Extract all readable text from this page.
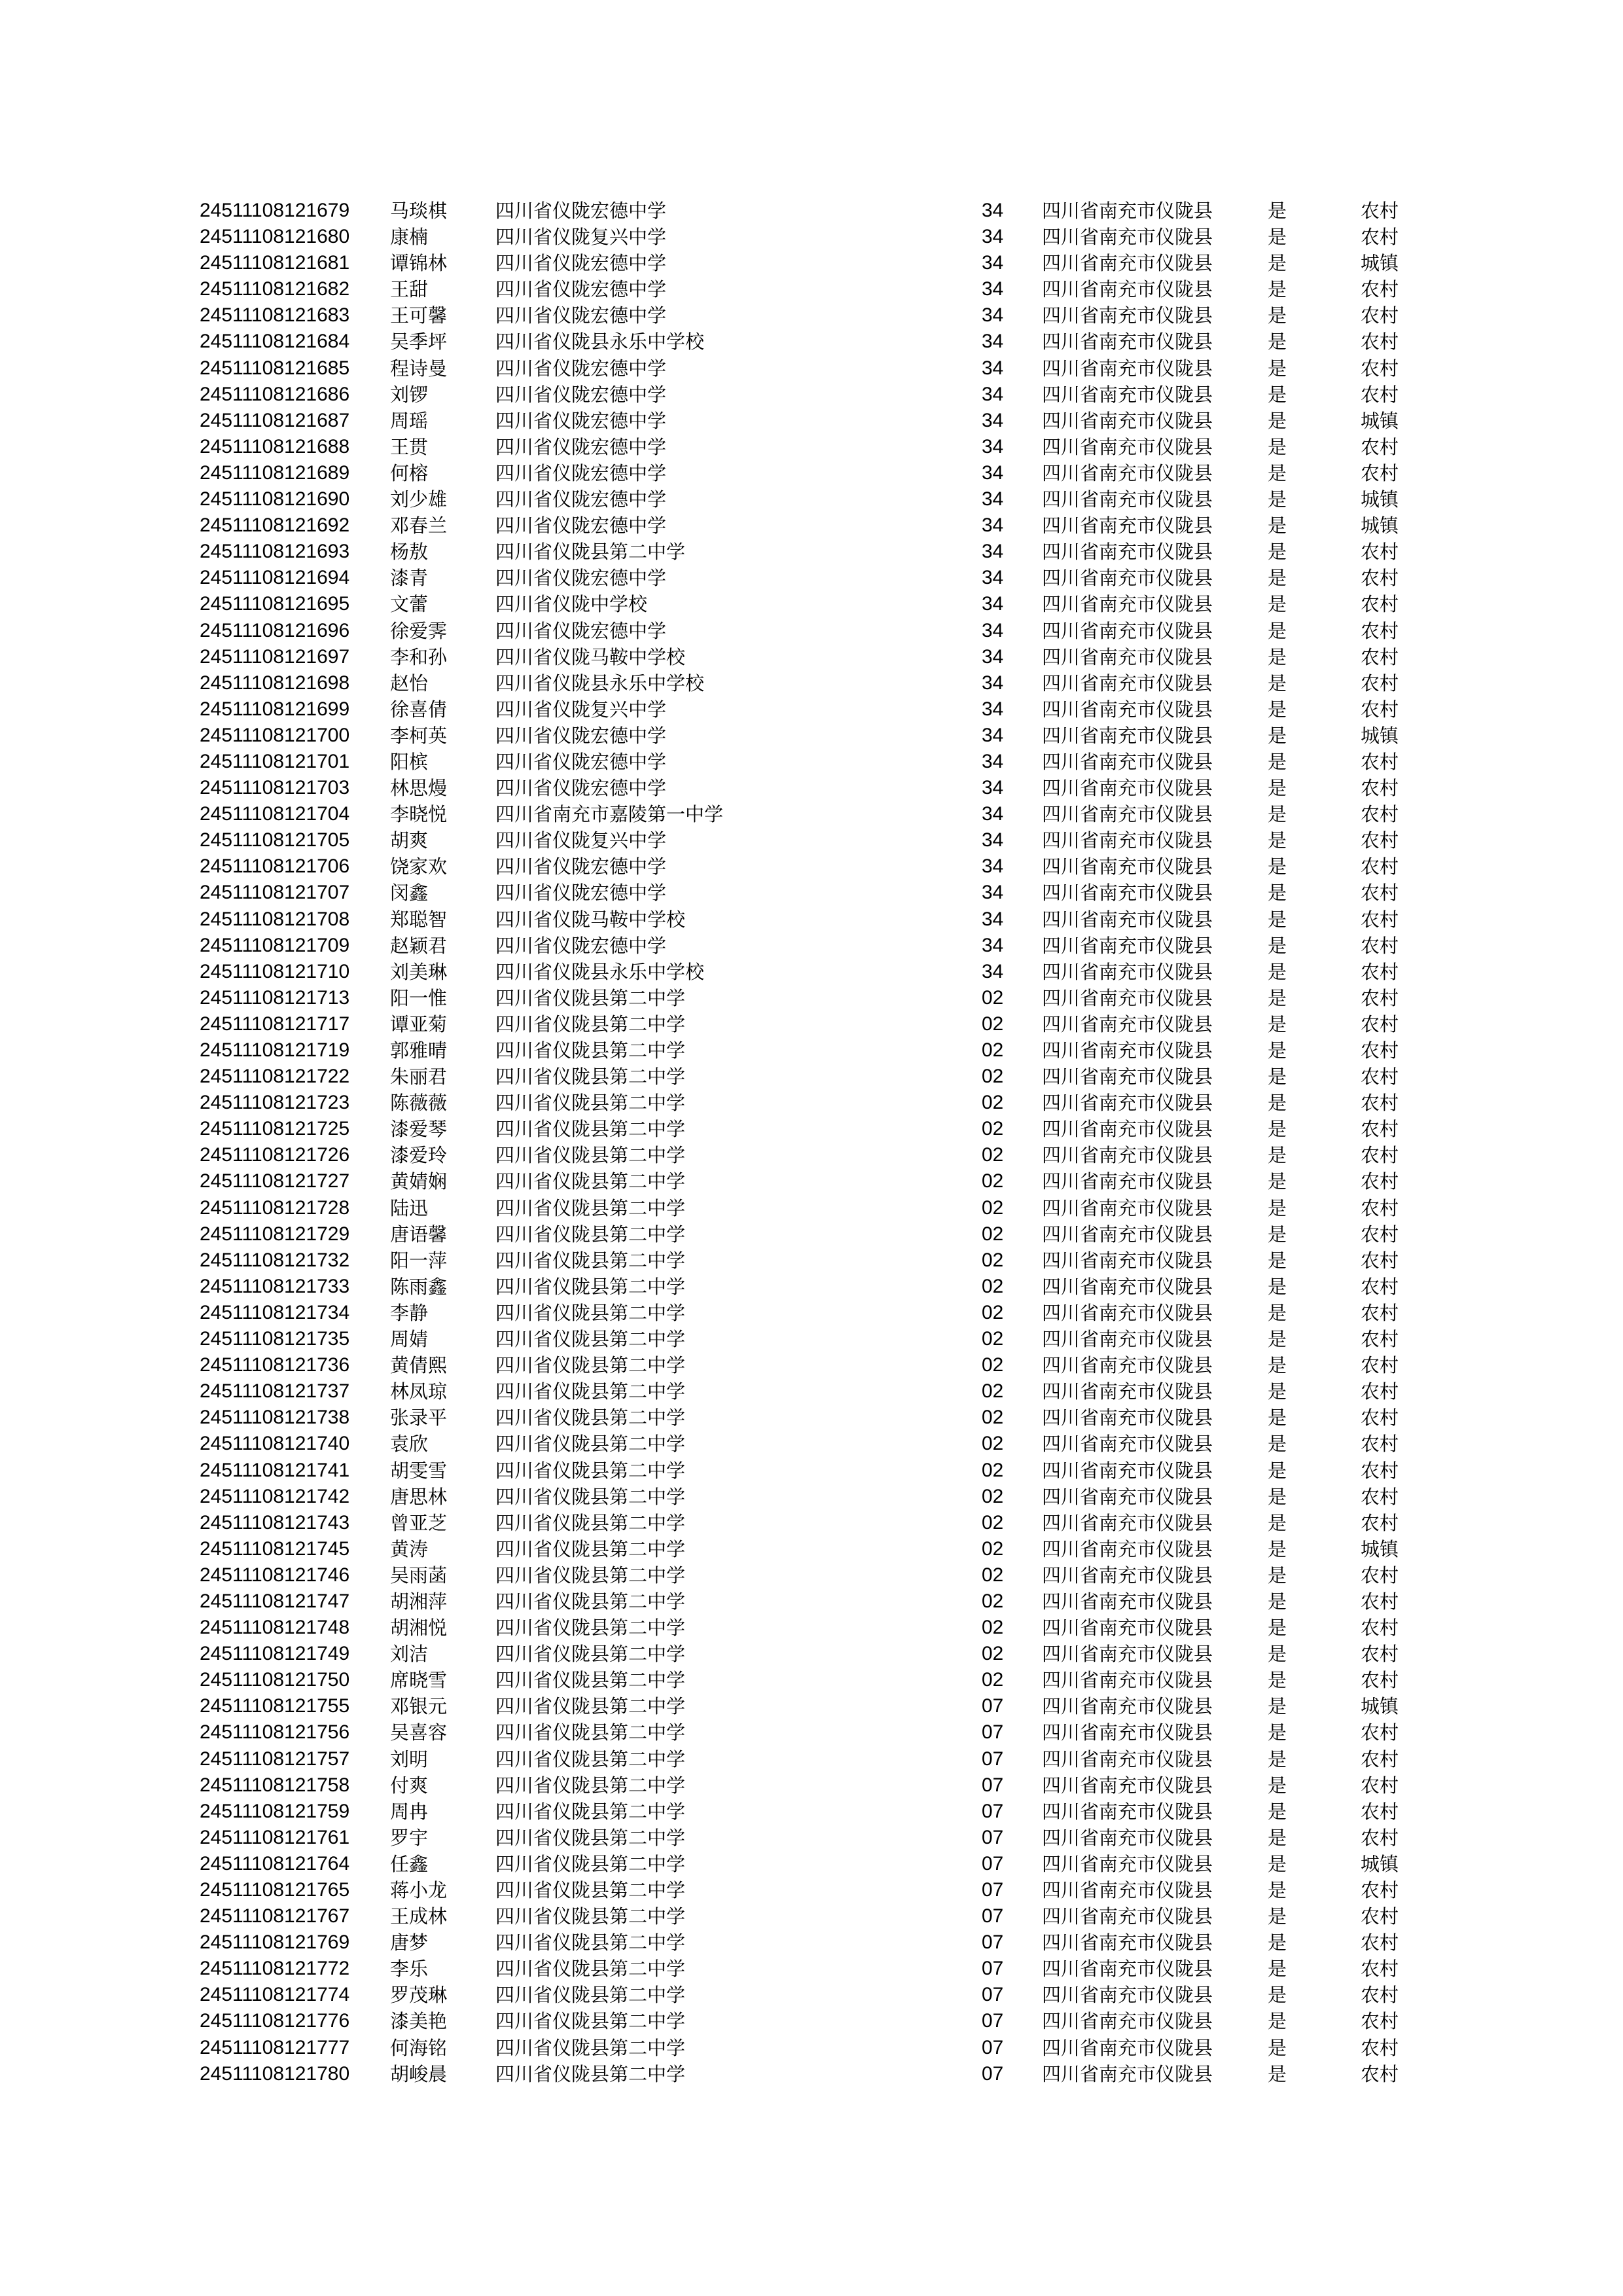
24511108121679 马琰棋	四川省仪陇宏德中学	34 四川省南充市仪陇县	是	农村
24511108121680 康楠	四川省仪陇复兴中学	34 四川省南充市仪陇县	是	农村
24511108121681 谭锦林	四川省仪陇宏德中学	34 四川省南充市仪陇县	是	城镇
24511108121682 王甜	四川省仪陇宏德中学	34 四川省南充市仪陇县	是	农村
24511108121683 王可馨	四川省仪陇宏德中学	34 四川省南充市仪陇县	是	农村
24511108121684 吴季坪	四川省仪陇县永乐中学校	34 四川省南充市仪陇县	是	农村
24511108121685 程诗曼	四川省仪陇宏德中学	34 四川省南充市仪陇县	是	农村
24511108121686 刘锣	四川省仪陇宏德中学	34 四川省南充市仪陇县	是	农村
24511108121687 周瑶	四川省仪陇宏德中学	34 四川省南充市仪陇县	是	城镇
24511108121688 王贯	四川省仪陇宏德中学	34 四川省南充市仪陇县	是	农村
24511108121689 何榕	四川省仪陇宏德中学	34 四川省南充市仪陇县	是	农村
24511108121690 刘少雄	四川省仪陇宏德中学	34 四川省南充市仪陇县	是	城镇
24511108121692 邓春兰	四川省仪陇宏德中学	34 四川省南充市仪陇县	是	城镇
24511108121693 杨敖	四川省仪陇县第二中学	34 四川省南充市仪陇县	是	农村
24511108121694 漆青	四川省仪陇宏德中学	34 四川省南充市仪陇县	是	农村
24511108121695 文蕾	四川省仪陇中学校	34 四川省南充市仪陇县	是	农村
24511108121696 徐爱霁	四川省仪陇宏德中学	34 四川省南充市仪陇县	是	农村
24511108121697 李和孙	四川省仪陇马鞍中学校	34 四川省南充市仪陇县	是	农村
24511108121698 赵怡	四川省仪陇县永乐中学校	34 四川省南充市仪陇县	是	农村
24511108121699 徐喜倩	四川省仪陇复兴中学	34 四川省南充市仪陇县	是	农村
24511108121700 李柯英	四川省仪陇宏德中学	34 四川省南充市仪陇县	是	城镇
24511108121701 阳槟	四川省仪陇宏德中学	34 四川省南充市仪陇县	是	农村
24511108121703 林思熳	四川省仪陇宏德中学	34 四川省南充市仪陇县	是	农村
24511108121704 李晓悦	四川省南充市嘉陵第一中学	34 四川省南充市仪陇县	是	农村
24511108121705 胡爽	四川省仪陇复兴中学	34 四川省南充市仪陇县	是	农村
24511108121706 饶家欢	四川省仪陇宏德中学	34 四川省南充市仪陇县	是	农村
24511108121707 闵鑫	四川省仪陇宏德中学	34 四川省南充市仪陇县	是	农村
24511108121708 郑聪智	四川省仪陇马鞍中学校	34 四川省南充市仪陇县	是	农村
24511108121709 赵颖君	四川省仪陇宏德中学	34 四川省南充市仪陇县	是	农村
24511108121710 刘美琳	四川省仪陇县永乐中学校	34 四川省南充市仪陇县	是	农村
24511108121713 阳一惟	四川省仪陇县第二中学	02 四川省南充市仪陇县	是	农村
24511108121717 谭亚菊	四川省仪陇县第二中学	02 四川省南充市仪陇县	是	农村
24511108121719 郭雅晴	四川省仪陇县第二中学	02 四川省南充市仪陇县	是	农村
24511108121722 朱丽君	四川省仪陇县第二中学	02 四川省南充市仪陇县	是	农村
24511108121723 陈薇薇	四川省仪陇县第二中学	02 四川省南充市仪陇县	是	农村
24511108121725 漆爱琴	四川省仪陇县第二中学	02 四川省南充市仪陇县	是	农村
24511108121726 漆爱玲	四川省仪陇县第二中学	02 四川省南充市仪陇县	是	农村
24511108121727 黄婧娴	四川省仪陇县第二中学	02 四川省南充市仪陇县	是	农村
24511108121728 陆迅	四川省仪陇县第二中学	02 四川省南充市仪陇县	是	农村
24511108121729 唐语馨	四川省仪陇县第二中学	02 四川省南充市仪陇县	是	农村
24511108121732 阳一萍	四川省仪陇县第二中学	02 四川省南充市仪陇县	是	农村
24511108121733 陈雨鑫	四川省仪陇县第二中学	02 四川省南充市仪陇县	是	农村
24511108121734 李静	四川省仪陇县第二中学	02 四川省南充市仪陇县	是	农村
24511108121735 周婧	四川省仪陇县第二中学	02 四川省南充市仪陇县	是	农村
24511108121736 黄倩熙	四川省仪陇县第二中学	02 四川省南充市仪陇县	是	农村
24511108121737 林凤琼	四川省仪陇县第二中学	02 四川省南充市仪陇县	是	农村
24511108121738 张录平	四川省仪陇县第二中学	02 四川省南充市仪陇县	是	农村
24511108121740 袁欣	四川省仪陇县第二中学	02 四川省南充市仪陇县	是	农村
24511108121741 胡雯雪	四川省仪陇县第二中学	02 四川省南充市仪陇县	是	农村
24511108121742 唐思林	四川省仪陇县第二中学	02 四川省南充市仪陇县	是	农村
24511108121743 曾亚芝	四川省仪陇县第二中学	02 四川省南充市仪陇县	是	农村
24511108121745 黄涛	四川省仪陇县第二中学	02 四川省南充市仪陇县	是	城镇
24511108121746 吴雨菡	四川省仪陇县第二中学	02 四川省南充市仪陇县	是	农村
24511108121747 胡湘萍	四川省仪陇县第二中学	02 四川省南充市仪陇县	是	农村
24511108121748 胡湘悦	四川省仪陇县第二中学	02 四川省南充市仪陇县	是	农村
24511108121749 刘洁	四川省仪陇县第二中学	02 四川省南充市仪陇县	是	农村
24511108121750 席晓雪	四川省仪陇县第二中学	02 四川省南充市仪陇县	是	农村
24511108121755 邓银元	四川省仪陇县第二中学	07 四川省南充市仪陇县	是	城镇
24511108121756 吴喜容	四川省仪陇县第二中学	07 四川省南充市仪陇县	是	农村
24511108121757 刘明	四川省仪陇县第二中学	07 四川省南充市仪陇县	是	农村
24511108121758 付爽	四川省仪陇县第二中学	07 四川省南充市仪陇县	是	农村
24511108121759 周冉	四川省仪陇县第二中学	07 四川省南充市仪陇县	是	农村
24511108121761 罗宇	四川省仪陇县第二中学	07 四川省南充市仪陇县	是	农村
24511108121764 任鑫	四川省仪陇县第二中学	07 四川省南充市仪陇县	是	城镇
24511108121765 蒋小龙	四川省仪陇县第二中学	07 四川省南充市仪陇县	是	农村
24511108121767 王成林	四川省仪陇县第二中学	07 四川省南充市仪陇县	是	农村
24511108121769 唐梦	四川省仪陇县第二中学	07 四川省南充市仪陇县	是	农村
24511108121772 李乐	四川省仪陇县第二中学	07 四川省南充市仪陇县	是	农村
24511108121774 罗茂琳	四川省仪陇县第二中学	07 四川省南充市仪陇县	是	农村
24511108121776 漆美艳	四川省仪陇县第二中学	07 四川省南充市仪陇县	是	农村
24511108121777 何海铭	四川省仪陇县第二中学	07 四川省南充市仪陇县	是	农村
24511108121780 胡峻晨	四川省仪陇县第二中学	07 四川省南充市仪陇县	是	农村
